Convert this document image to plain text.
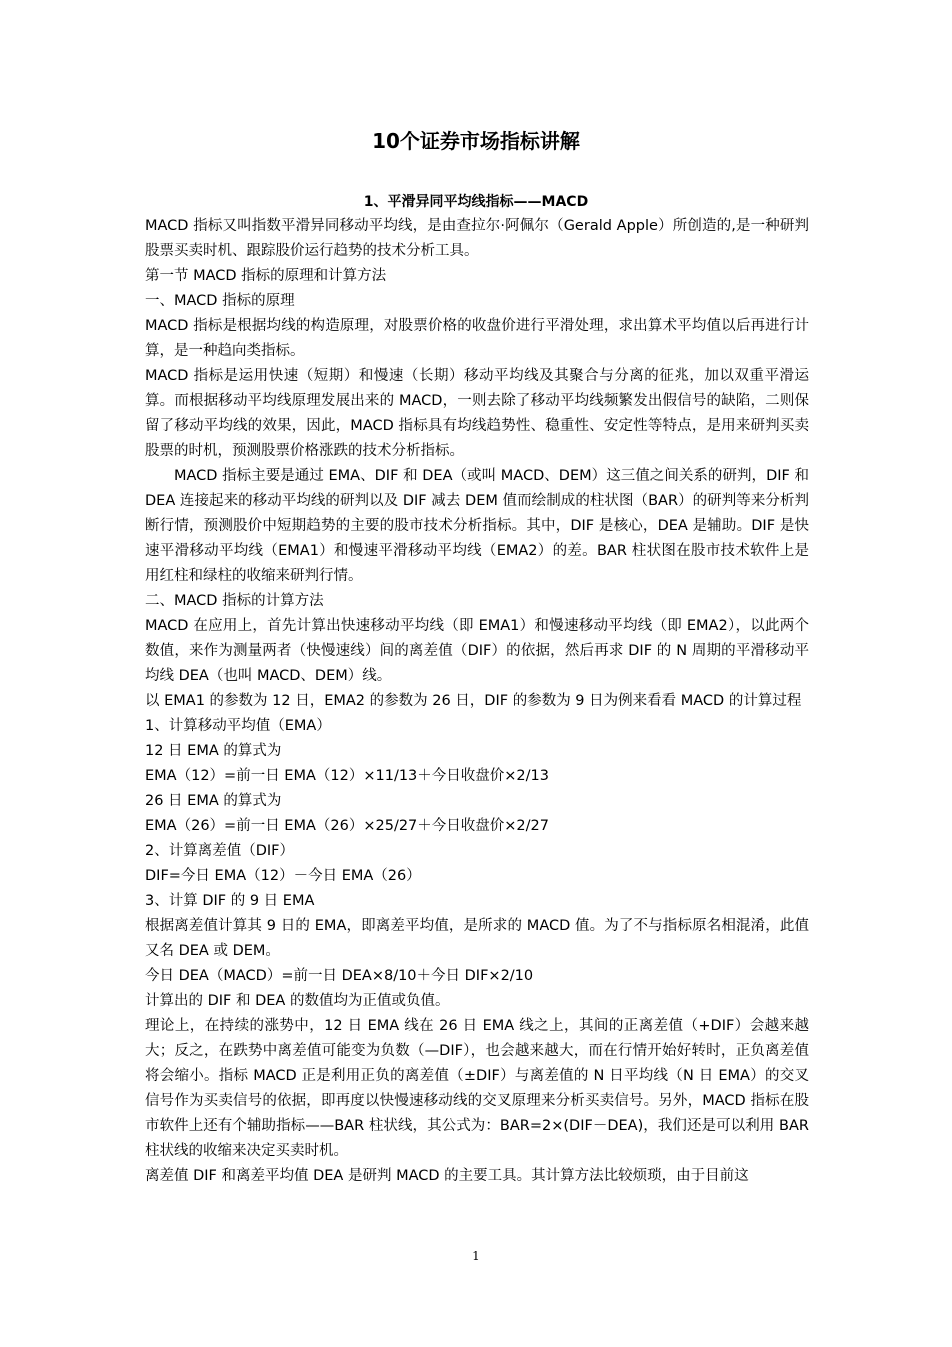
10个证券市场指标讲解
1、平滑异同平均线指标——MACD

MACD 指标又叫指数平滑异同移动平均线，是由查拉尔·阿佩尔（Gerald Apple）所创造的,是一种研判股票买卖时机、跟踪股价运行趋势的技术分析工具。

第一节 MACD 指标的原理和计算方法

一、MACD 指标的原理

MACD 指标是根据均线的构造原理，对股票价格的收盘价进行平滑处理，求出算术平均值以后再进行计算，是一种趋向类指标。

MACD 指标是运用快速（短期）和慢速（长期）移动平均线及其聚合与分离的征兆，加以双重平滑运算。而根据移动平均线原理发展出来的 MACD，一则去除了移动平均线频繁发出假信号的缺陷，二则保留了移动平均线的效果，因此，MACD 指标具有均线趋势性、稳重性、安定性等特点，是用来研判买卖股票的时机，预测股票价格涨跌的技术分析指标。

MACD 指标主要是通过 EMA、DIF 和 DEA（或叫 MACD、DEM）这三值之间关系的研判，DIF 和 DEA 连接起来的移动平均线的研判以及 DIF 减去 DEM 值而绘制成的柱状图（BAR）的研判等来分析判断行情，预测股价中短期趋势的主要的股市技术分析指标。其中，DIF 是核心，DEA 是辅助。DIF 是快速平滑移动平均线（EMA1）和慢速平滑移动平均线（EMA2）的差。BAR 柱状图在股市技术软件上是用红柱和绿柱的收缩来研判行情。

二、MACD 指标的计算方法

MACD 在应用上，首先计算出快速移动平均线（即 EMA1）和慢速移动平均线（即 EMA2），以此两个数值，来作为测量两者（快慢速线）间的离差值（DIF）的依据，然后再求 DIF 的 N 周期的平滑移动平均线 DEA（也叫 MACD、DEM）线。

以 EMA1 的参数为 12 日，EMA2 的参数为 26 日，DIF 的参数为 9 日为例来看看 MACD 的计算过程

1、计算移动平均值（EMA）

12 日 EMA 的算式为

EMA（12）=前一日 EMA（12）×11/13＋今日收盘价×2/13

26 日 EMA 的算式为

EMA（26）=前一日 EMA（26）×25/27＋今日收盘价×2/27

2、计算离差值（DIF）

DIF=今日 EMA（12）－今日 EMA（26）

3、计算 DIF 的 9 日 EMA

根据离差值计算其 9 日的 EMA，即离差平均值，是所求的 MACD 值。为了不与指标原名相混淆，此值又名 DEA 或 DEM。

今日 DEA（MACD）=前一日 DEA×8/10＋今日 DIF×2/10

计算出的 DIF 和 DEA 的数值均为正值或负值。

理论上，在持续的涨势中，12 日 EMA 线在 26 日 EMA 线之上，其间的正离差值（+DIF）会越来越大；反之，在跌势中离差值可能变为负数（—DIF），也会越来越大，而在行情开始好转时，正负离差值将会缩小。指标 MACD 正是利用正负的离差值（±DIF）与离差值的 N 日平均线（N 日 EMA）的交叉信号作为买卖信号的依据，即再度以快慢速移动线的交叉原理来分析买卖信号。另外，MACD 指标在股市软件上还有个辅助指标——BAR 柱状线，其公式为：BAR=2×(DIF－DEA)，我们还是可以利用 BAR 柱状线的收缩来决定买卖时机。

离差值 DIF 和离差平均值 DEA 是研判 MACD 的主要工具。其计算方法比较烦琐，由于目前这

1
